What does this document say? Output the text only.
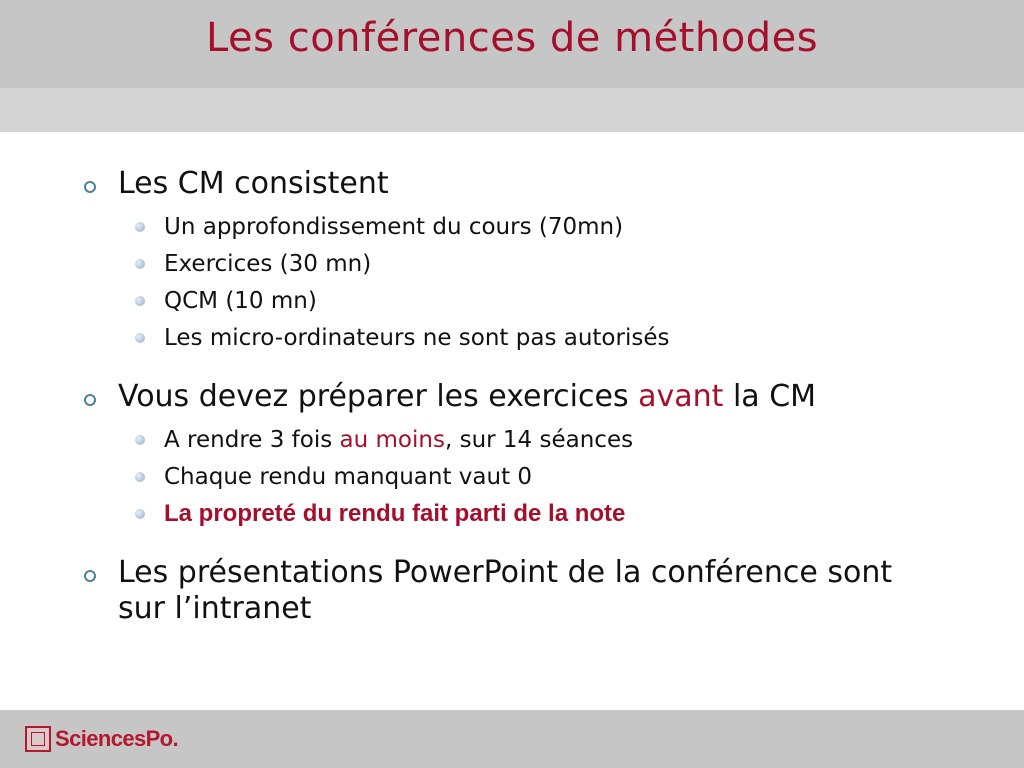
Les conférences de méthodes
Les CM consistent
Un approfondissement du cours (70mn)
Exercices (30 mn)
QCM (10 mn)
Les micro-ordinateurs ne sont pas autorisés
Vous devez préparer les exercices avant la CM
A rendre 3 fois au moins, sur 14 séances
Chaque rendu manquant vaut 0
La propreté du rendu fait parti de la note
Les présentations PowerPoint de la conférence sont
sur l’intranet
SciencesPo.
